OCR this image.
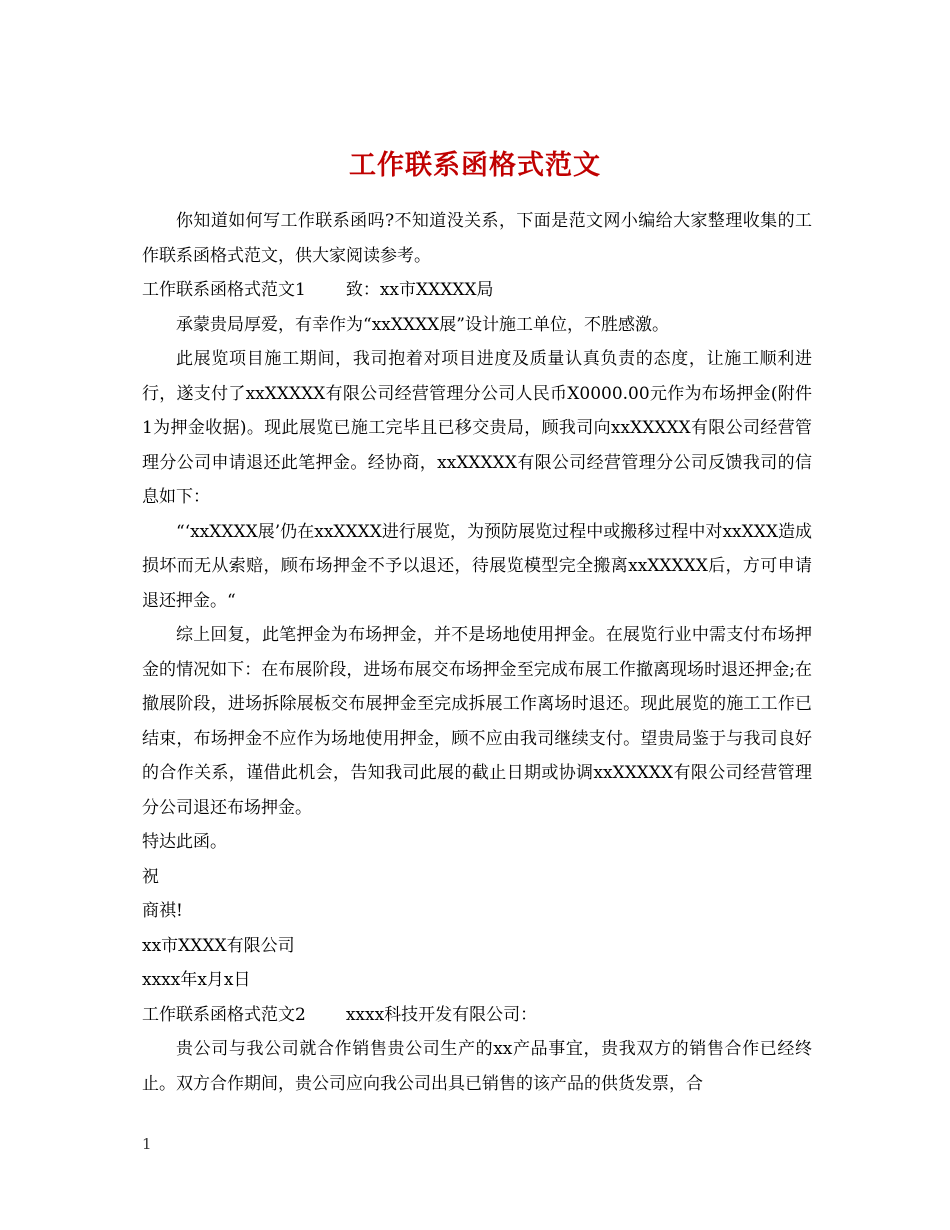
工作联系函格式范文

你知道如何写工作联系函吗?不知道没关系，下面是范文网小编给大家整理收集的工作联系函格式范文，供大家阅读参考。

工作联系函格式范文1 致：xx市XXXXX局

承蒙贵局厚爱，有幸作为“xxXXXX展”设计施工单位，不胜感激。

此展览项目施工期间，我司抱着对项目进度及质量认真负责的态度，让施工顺利进行，遂支付了xxXXXXX有限公司经营管理分公司人民币X0000.00元作为布场押金(附件1为押金收据)。现此展览已施工完毕且已移交贵局，顾我司向xxXXXXX有限公司经营管理分公司申请退还此笔押金。经协商，xxXXXXX有限公司经营管理分公司反馈我司的信息如下：

“‘xxXXXX展’仍在xxXXXX进行展览，为预防展览过程中或搬移过程中对xxXXX造成损坏而无从索赔，顾布场押金不予以退还，待展览模型完全搬离xxXXXXX后，方可申请退还押金。“

综上回复，此笔押金为布场押金，并不是场地使用押金。在展览行业中需支付布场押金的情况如下：在布展阶段，进场布展交布场押金至完成布展工作撤离现场时退还押金;在撤展阶段，进场拆除展板交布展押金至完成拆展工作离场时退还。现此展览的施工工作已结束，布场押金不应作为场地使用押金，顾不应由我司继续支付。望贵局鉴于与我司良好的合作关系，谨借此机会，告知我司此展的截止日期或协调xxXXXXX有限公司经营管理分公司退还布场押金。

特达此函。

祝

商祺!

xx市XXXX有限公司

xxxx年x月x日

工作联系函格式范文2 xxxx科技开发有限公司：

贵公司与我公司就合作销售贵公司生产的xx产品事宜，贵我双方的销售合作已经终止。双方合作期间，贵公司应向我公司出具已销售的该产品的供货发票，合

1
